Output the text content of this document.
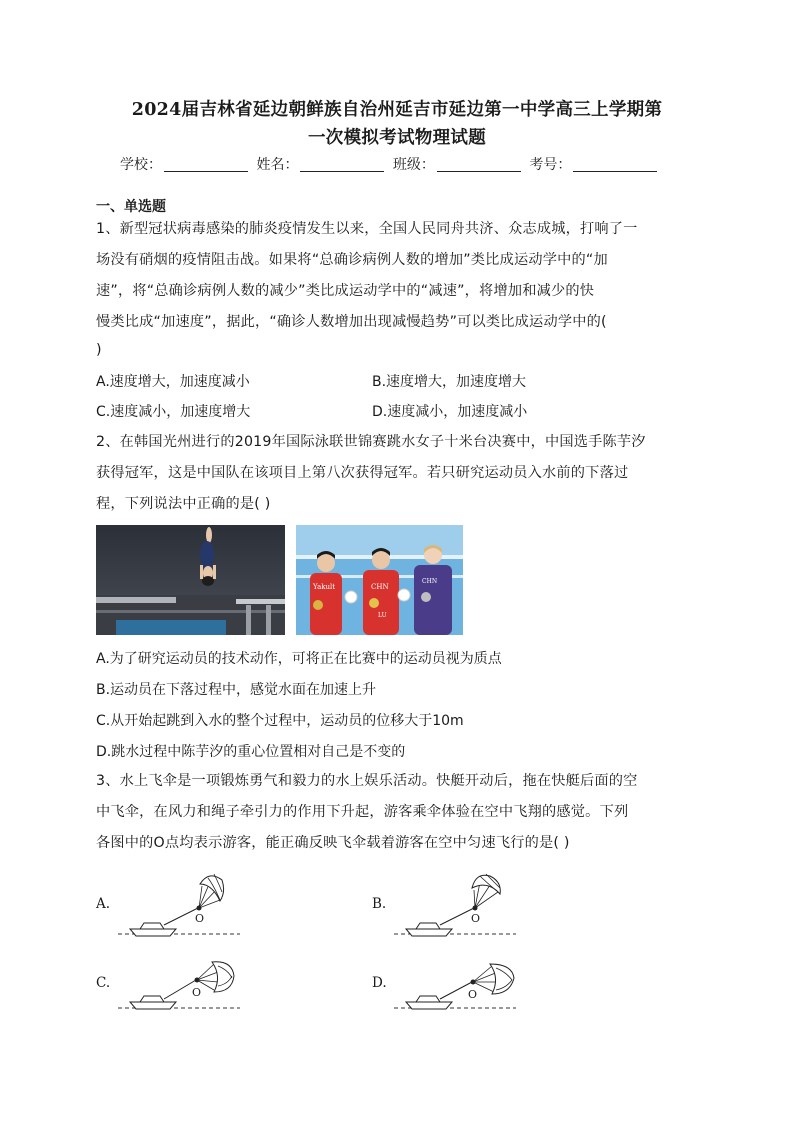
2024届吉林省延边朝鲜族自治州延吉市延边第一中学高三上学期第
一次模拟考试物理试题
学校：	姓名：	班级：	考号：
一、单选题
1、新型冠状病毒感染的肺炎疫情发生以来，全国人民同舟共济、众志成城，打响了一
场没有硝烟的疫情阻击战。如果将“总确诊病例人数的增加”类比成运动学中的“加
速”，将“总确诊病例人数的减少”类比成运动学中的“减速”，将增加和减少的快
慢类比成“加速度”，据此，“确诊人数增加出现减慢趋势”可以类比成运动学中的(
)
A.速度增大，加速度减小	B.速度增大，加速度增大
C.速度减小，加速度增大	D.速度减小，加速度减小
2、在韩国光州进行的2019年国际泳联世锦赛跳水女子十米台决赛中，中国选手陈芋汐
获得冠军，这是中国队在该项目上第八次获得冠军。若只研究运动员入水前的下落过
程，下列说法中正确的是( )
Yakult	CHN
CHN
LU
A.为了研究运动员的技术动作，可将正在比赛中的运动员视为质点
B.运动员在下落过程中，感觉水面在加速上升
C.从开始起跳到入水的整个过程中，运动员的位移大于10m
D.跳水过程中陈芋汐的重心位置相对自己是不变的
3、水上飞伞是一项锻炼勇气和毅力的水上娱乐活动。快艇开动后，拖在快艇后面的空
中飞伞，在风力和绳子牵引力的作用下升起，游客乘伞体验在空中飞翔的感觉。下列
各图中的O点均表示游客，能正确反映飞伞载着游客在空中匀速飞行的是( )
A.	B.
C.	D.
O	O
O	O
